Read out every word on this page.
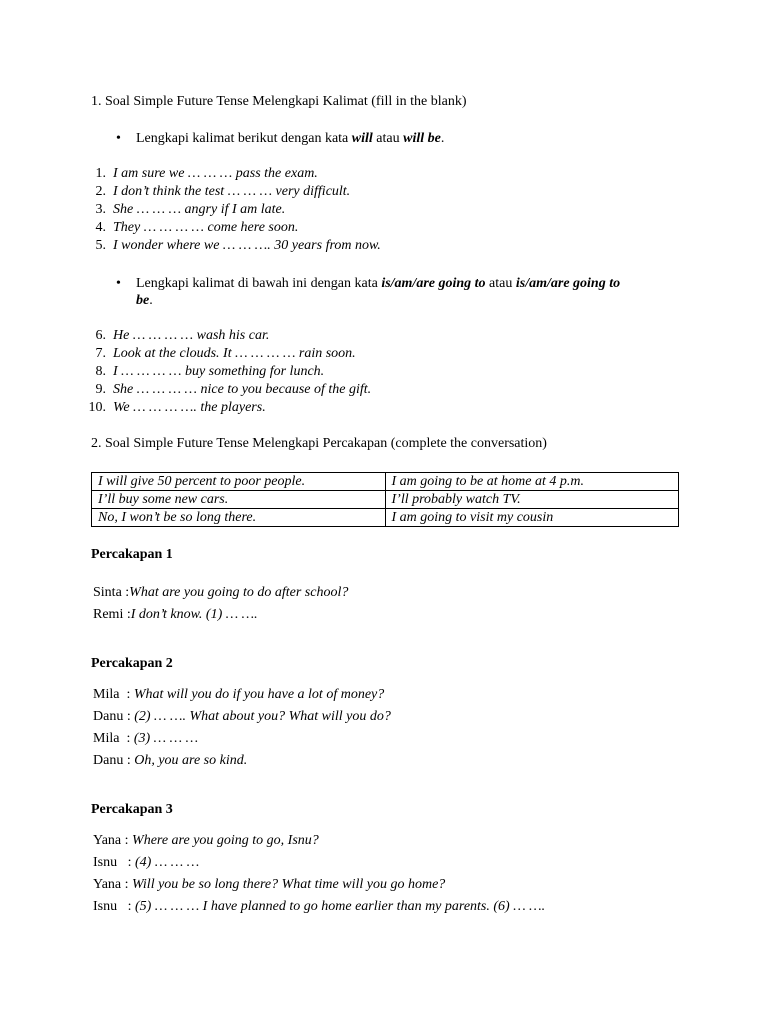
1. Soal Simple Future Tense Melengkapi Kalimat (fill in the blank)
• Lengkapi kalimat berikut dengan kata will atau will be.
1. I am sure we … … … pass the exam.
2. I don’t think the test … … … very difficult.
3. She … … … angry if I am late.
4. They … … … … come here soon.
5. I wonder where we … … …. 30 years from now.
• Lengkapi kalimat di bawah ini dengan kata is/am/are going to atau is/am/are going to
be.
6. He … … … … wash his car.
7. Look at the clouds. It … … … … rain soon.
8. I … … … … buy something for lunch.
9. She … … … … nice to you because of the gift.
10. We … … … …. the players.
2. Soal Simple Future Tense Melengkapi Percakapan (complete the conversation)
I will give 50 percent to poor people.	I am going to be at home at 4 p.m.
I’ll buy some new cars.	I’ll probably watch TV.
No, I won’t be so long there.	I am going to visit my cousin
Percakapan 1
Sinta :What are you going to do after school?
Remi :I don’t know. (1) … ….
Percakapan 2
Mila  : What will you do if you have a lot of money?
Danu : (2) … …. What about you? What will you do?
Mila  : (3) … … …
Danu : Oh, you are so kind.
Percakapan 3
Yana : Where are you going to go, Isnu?
Isnu   : (4) … … …
Yana : Will you be so long there? What time will you go home?
Isnu   : (5) … … … I have planned to go home earlier than my parents. (6) … ….
